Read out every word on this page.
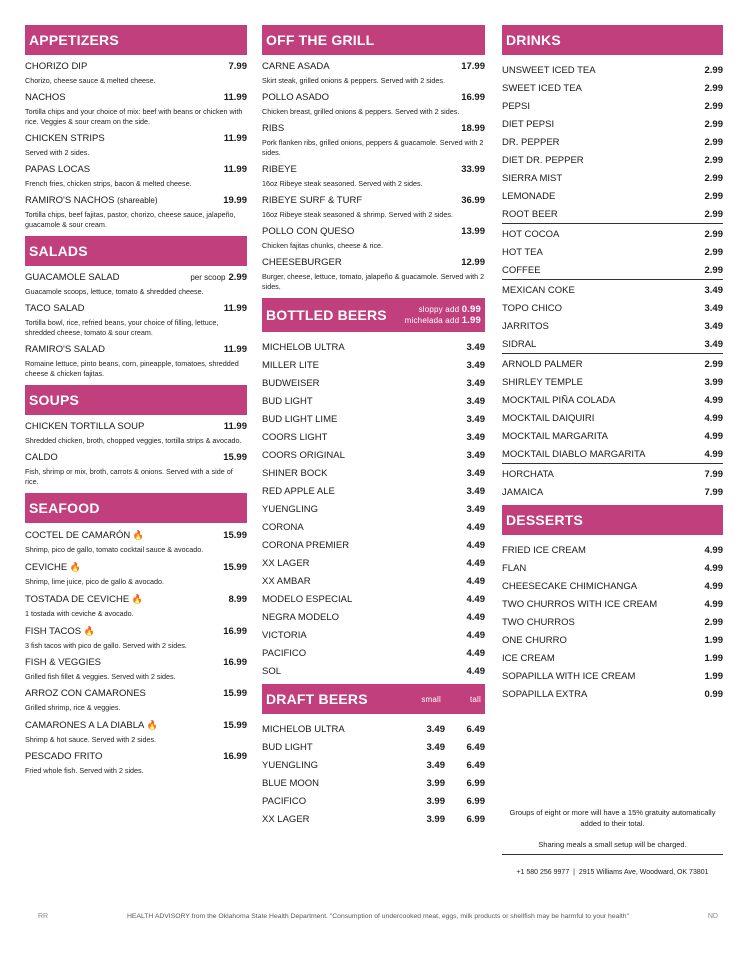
APPETIZERS
CHORIZO DIP	7.99
Chorizo, cheese sauce & melted cheese.
NACHOS	11.99
Tortilla chips and your choice of mix: beef with beans or chicken with rice. Veggies & sour cream on the side.
CHICKEN STRIPS	11.99
Served with 2 sides.
PAPAS LOCAS	11.99
French fries, chicken strips, bacon & melted cheese.
RAMIRO'S NACHOS (shareable)	19.99
Tortilla chips, beef fajitas, pastor, chorizo, cheese sauce, jalapeño, guacamole & sour cream.
SALADS
GUACAMOLE SALAD	per scoop 2.99
Guacamole scoops, lettuce, tomato & shredded cheese.
TACO SALAD	11.99
Tortilla bowl, rice, refried beans, your choice of filling, lettuce, shredded cheese, tomato & sour cream.
RAMIRO'S SALAD	11.99
Romaine lettuce, pinto beans, corn, pineapple, tomatoes, shredded cheese & chicken fajitas.
SOUPS
CHICKEN TORTILLA SOUP	11.99
Shredded chicken, broth, chopped veggies, tortilla strips & avocado.
CALDO	15.99
Fish, shrimp or mix, broth, carrots & onions. Served with a side of rice.
SEAFOOD
COCTEL DE CAMARÓN 🔥	15.99
Shrimp, pico de gallo, tomato cocktail sauce & avocado.
CEVICHE 🔥	15.99
Shrimp, lime juice, pico de gallo & avocado.
TOSTADA DE CEVICHE 🔥	8.99
1 tostada with ceviche & avocado.
FISH TACOS 🔥	16.99
3 fish tacos with pico de gallo. Served with 2 sides.
FISH & VEGGIES	16.99
Grilled fish fillet & veggies. Served with 2 sides.
ARROZ CON CAMARONES	15.99
Grilled shrimp, rice & veggies.
CAMARONES A LA DIABLA 🔥	15.99
Shrimp & hot sauce. Served with 2 sides.
PESCADO FRITO	16.99
Fried whole fish. Served with 2 sides.
OFF THE GRILL
CARNE ASADA	17.99
Skirt steak, grilled onions & peppers. Served with 2 sides.
POLLO ASADO	16.99
Chicken breast, grilled onions & peppers. Served with 2 sides.
RIBS	18.99
Pork flanken ribs, grilled onions, peppers & guacamole. Served with 2 sides.
RIBEYE	33.99
16oz Ribeye steak seasoned. Served with 2 sides.
RIBEYE SURF & TURF	36.99
16oz Ribeye steak seasoned & shrimp. Served with 2 sides.
POLLO CON QUESO	13.99
Chicken fajitas chunks, cheese & rice.
CHEESEBURGER	12.99
Burger, cheese, lettuce, tomato, jalapeño & guacamole. Served with 2 sides.
BOTTLED BEERS	sloppy add 0.99
michelada add 1.99
MICHELOB ULTRA	3.49
MILLER LITE	3.49
BUDWEISER	3.49
BUD LIGHT	3.49
BUD LIGHT LIME	3.49
COORS LIGHT	3.49
COORS ORIGINAL	3.49
SHINER BOCK	3.49
RED APPLE ALE	3.49
YUENGLING	3.49
CORONA	4.49
CORONA PREMIER	4.49
XX LAGER	4.49
XX AMBAR	4.49
MODELO ESPECIAL	4.49
NEGRA MODELO	4.49
VICTORIA	4.49
PACIFICO	4.49
SOL	4.49
DRAFT BEERS	small	tall
MICHELOB ULTRA	3.49	6.49
BUD LIGHT	3.49	6.49
YUENGLING	3.49	6.49
BLUE MOON	3.99	6.99
PACIFICO	3.99	6.99
XX LAGER	3.99	6.99
DRINKS
UNSWEET ICED TEA	2.99
SWEET ICED TEA	2.99
PEPSI	2.99
DIET PEPSI	2.99
DR. PEPPER	2.99
DIET DR. PEPPER	2.99
SIERRA MIST	2.99
LEMONADE	2.99
ROOT BEER	2.99
HOT COCOA	2.99
HOT TEA	2.99
COFFEE	2.99
MEXICAN COKE	3.49
TOPO CHICO	3.49
JARRITOS	3.49
SIDRAL	3.49
ARNOLD PALMER	2.99
SHIRLEY TEMPLE	3.99
MOCKTAIL PIÑA COLADA	4.99
MOCKTAIL DAIQUIRI	4.99
MOCKTAIL MARGARITA	4.99
MOCKTAIL DIABLO MARGARITA	4.99
HORCHATA	7.99
JAMAICA	7.99
DESSERTS
FRIED ICE CREAM	4.99
FLAN	4.99
CHEESECAKE CHIMICHANGA	4.99
TWO CHURROS WITH ICE CREAM	4.99
TWO CHURROS	2.99
ONE CHURRO	1.99
ICE CREAM	1.99
SOPAPILLA WITH ICE CREAM	1.99
SOPAPILLA EXTRA	0.99
Groups of eight or more will have a 15% gratuity automatically added to their total.
Sharing meals a small setup will be charged.
+1 580 256 9977 | 2915 Williams Ave, Woodward, OK 73801
RR	HEALTH ADVISORY from the Oklahoma State Health Department. "Consumption of undercooked meat, eggs, milk products or shellfish may be harmful to your health"	ND
